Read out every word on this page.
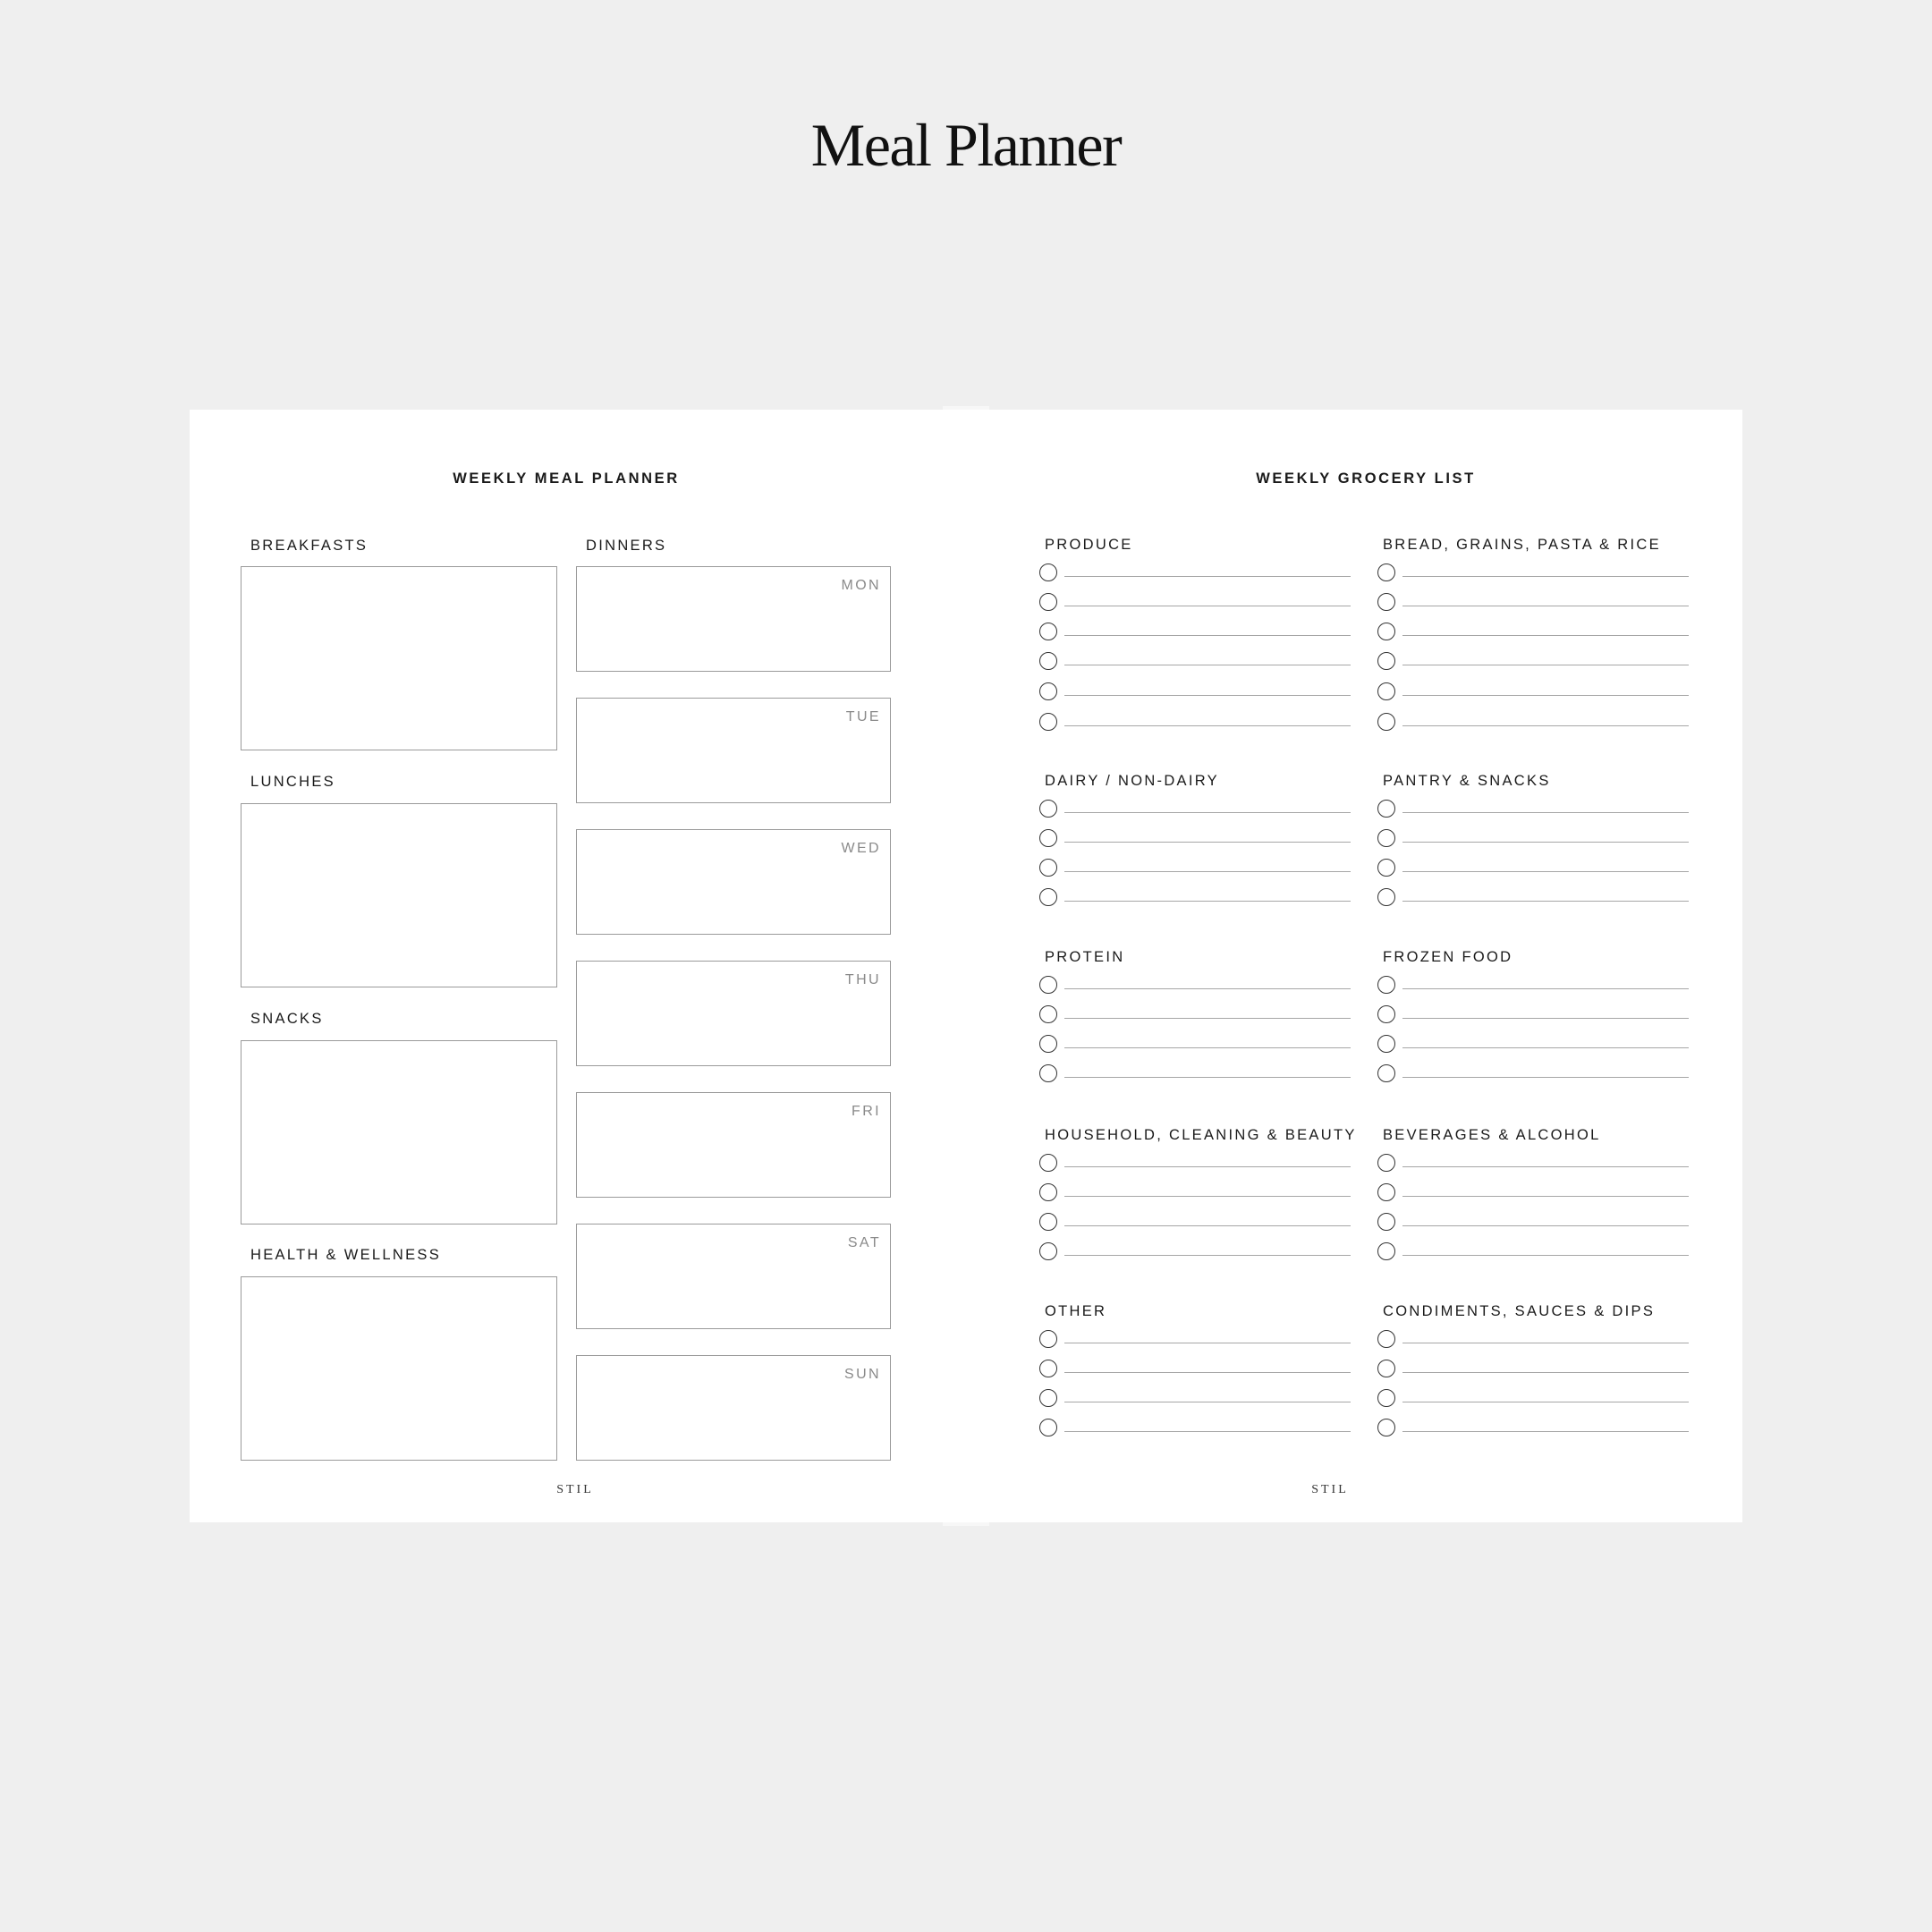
Meal Planner
WEEKLY MEAL PLANNER
BREAKFASTS
LUNCHES
SNACKS
HEALTH & WELLNESS
DINNERS
MON
TUE
WED
THU
FRI
SAT
SUN
STIL
WEEKLY GROCERY LIST
PRODUCE	BREAD, GRAINS, PASTA & RICE
DAIRY / NON-DAIRY	PANTRY & SNACKS
PROTEIN	FROZEN FOOD
HOUSEHOLD, CLEANING & BEAUTY BEVERAGES & ALCOHOL
OTHER	CONDIMENTS, SAUCES & DIPS
STIL
